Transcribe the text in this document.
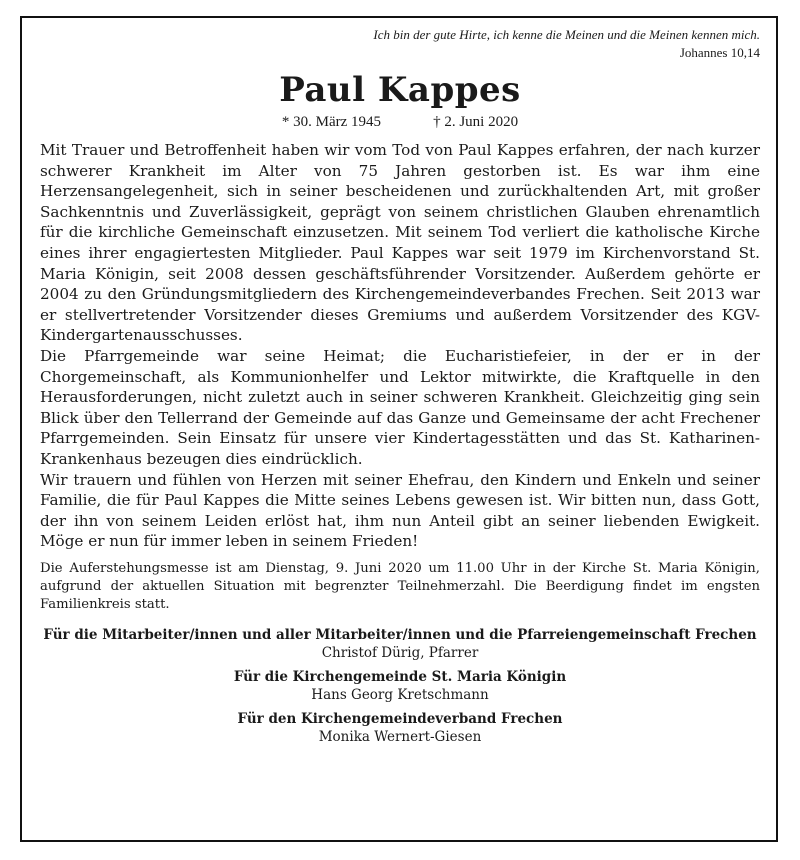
Ich bin der gute Hirte, ich kenne die Meinen und die Meinen kennen mich.
Johannes 10,14
Paul Kappes
* 30. März 1945	† 2. Juni 2020

Mit Trauer und Betroffenheit haben wir vom Tod von Paul Kappes erfahren, der nach kurzer schwerer Krankheit im Alter von 75 Jahren gestorben ist. Es war ihm eine Herzensangelegenheit, sich in seiner bescheidenen und zurückhaltenden Art, mit großer Sachkenntnis und Zuverlässigkeit, geprägt von seinem christlichen Glauben ehrenamtlich für die kirchliche Gemeinschaft einzusetzen. Mit seinem Tod verliert die katholische Kirche eines ihrer engagiertesten Mitglieder. Paul Kappes war seit 1979 im Kirchenvorstand St. Maria Königin, seit 2008 dessen geschäftsführender Vorsitzender. Außerdem gehörte er 2004 zu den Gründungsmitgliedern des Kirchengemeindeverbandes Frechen. Seit 2013 war er stellvertretender Vorsitzender dieses Gremiums und außerdem Vorsitzender des KGV-Kindergartenausschusses.

Die Pfarrgemeinde war seine Heimat; die Eucharistiefeier, in der er in der Chorgemeinschaft, als Kommunionhelfer und Lektor mitwirkte, die Kraftquelle in den Herausforderungen, nicht zuletzt auch in seiner schweren Krankheit. Gleichzeitig ging sein Blick über den Tellerrand der Gemeinde auf das Ganze und Gemeinsame der acht Frechener Pfarrgemeinden. Sein Einsatz für unsere vier Kindertagesstätten und das St. Katharinen-Krankenhaus bezeugen dies eindrücklich.

Wir trauern und fühlen von Herzen mit seiner Ehefrau, den Kindern und Enkeln und seiner Familie, die für Paul Kappes die Mitte seines Lebens gewesen ist. Wir bitten nun, dass Gott, der ihn von seinem Leiden erlöst hat, ihm nun Anteil gibt an seiner liebenden Ewigkeit. Möge er nun für immer leben in seinem Frieden!

Die Auferstehungsmesse ist am Dienstag, 9. Juni 2020 um 11.00 Uhr in der Kirche St. Maria Königin, aufgrund der aktuellen Situation mit begrenzter Teilnehmerzahl. Die Beerdigung findet im engsten Familienkreis statt.
Für die Mitarbeiter/innen und aller Mitarbeiter/innen und die Pfarreiengemeinschaft Frechen
Christof Dürig, Pfarrer
Für die Kirchengemeinde St. Maria Königin
Hans Georg Kretschmann
Für den Kirchengemeindeverband Frechen
Monika Wernert-Giesen
